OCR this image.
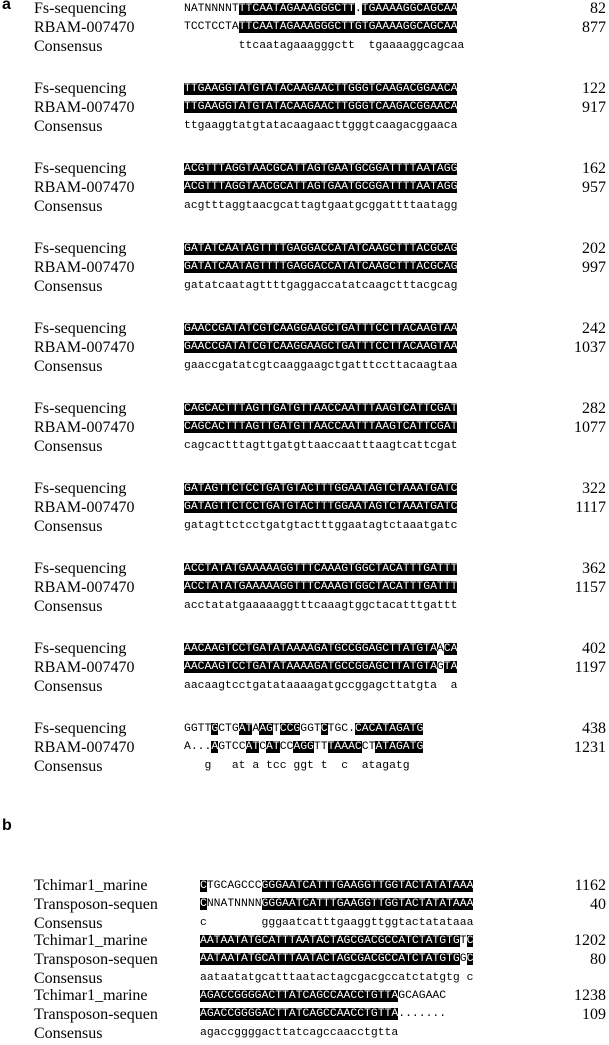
a Fs-sequencing
RBAM-007470
Consensus
NATNNNNTTTCAATAGAAAGGGCTT.TGAAAAGGCAGCAA
TCCTCCTATTCAATAGAAAGGGCTTGTGAAAAGGCAGCAA
ttcaatagaaagggctt  tgaaaaggcagcaa
82
877
Fs-sequencing
RBAM-007470
Consensus
TTGAAGGTATGTATACAAGAACTTGGGTCAAGACGGAACA
TTGAAGGTATGTATACAAGAACTTGGGTCAAGACGGAACA
ttgaaggtatgtatacaagaacttgggtcaagacggaaca
122
917
Fs-sequencing
RBAM-007470
Consensus
ACGTTTAGGTAACGCATTAGTGAATGCGGATTTTAATAGG
ACGTTTAGGTAACGCATTAGTGAATGCGGATTTTAATAGG
acgtttaggtaacgcattagtgaatgcggattttaatagg
162
957
Fs-sequencing
RBAM-007470
Consensus
GATATCAATAGTTTTGAGGACCATATCAAGCTTTACGCAG
GATATCAATAGTTTTGAGGACCATATCAAGCTTTACGCAG
gatatcaatagttttgaggaccatatcaagctttacgcag
202
997
Fs-sequencing
RBAM-007470
Consensus
GAACCGATATCGTCAAGGAAGCTGATTTCCTTACAAGTAA
GAACCGATATCGTCAAGGAAGCTGATTTCCTTACAAGTAA
gaaccgatatcgtcaaggaagctgatttccttacaagtaa
242
1037
Fs-sequencing
RBAM-007470
Consensus
CAGCACTTTAGTTGATGTTAACCAATTTAAGTCATTCGAT
CAGCACTTTAGTTGATGTTAACCAATTTAAGTCATTCGAT
cagcactttagttgatgttaaccaatttaagtcattcgat
282
1077
Fs-sequencing
RBAM-007470
Consensus
GATAGTTCTCCTGATGTACTTTGGAATAGTCTAAATGATC
GATAGTTCTCCTGATGTACTTTGGAATAGTCTAAATGATC
gatagttctcctgatgtactttggaatagtctaaatgatc
322
1117
Fs-sequencing
RBAM-007470
Consensus
ACCTATATGAAAAAGGTTTCAAAGTGGCTACATTTGATTT
ACCTATATGAAAAAGGTTTCAAAGTGGCTACATTTGATTT
acctatatgaaaaaggtttcaaagtggctacatttgattt
362
1157
Fs-sequencing
RBAM-007470
Consensus
AACAAGTCCTGATATAAAAGATGCCGGAGCTTATGTAACA
AACAAGTCCTGATATAAAAGATGCCGGAGCTTATGTAGTA
aacaagtcctgatataaaagatgccggagcttatgta  a
402
1197
Fs-sequencing
RBAM-007470
Consensus
GGTTGCTGATAAGTCCGGGTCTGC.CACATAGATG
A...AGTCCATCATCCAGGTTTAAACCTATAGATG
g   at a tcc ggt t  c  atagatg
438
1231
b
Tchimar1_marine
Transposon-sequen
Consensus
CTGCAGCCCGGGAATCATTTGAAGGTTGGTACTATATAAA
CNNATNNNNGGGAATCATTTGAAGGTTGGTACTATATAAA
c        gggaatcatttgaaggttggtactatataaa
1162
40
Tchimar1_marine
Transposon-sequen
Consensus
AATAATATGCATTTAATACTAGCGACGCCATCTATGTGTC
AATAATATGCATTTAATACTAGCGACGCCATCTATGTGGC
aataatatgcatttaatactagcgacgccatctatgtg c
1202
80
Tchimar1_marine
Transposon-sequen
Consensus
AGACCGGGGACTTATCAGCCAACCTGTTAGCAGAAC
AGACCGGGGACTTATCAGCCAACCTGTTA.......
agaccggggacttatcagccaacctgtta
1238
109
